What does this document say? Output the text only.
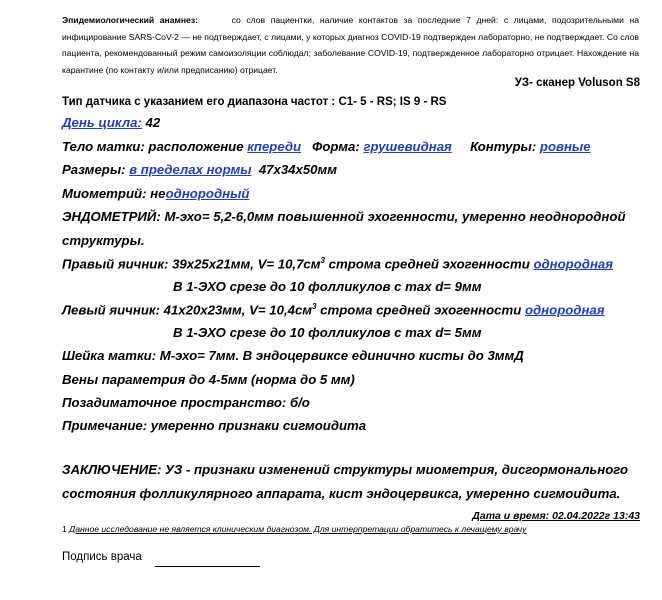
Эпидемиологический анамнез:	со слов пациентки, наличие контактов за последние 7 дней: с лицами, подозрительными на инфицирование SARS-CoV-2 — не подтверждает, с лицами, у которых диагноз COVID-19 подтвержден лабораторно, не подтверждает. Со слов пациента, рекомендованный режим самоизоляции соблюдал; заболевание COVID-19, подтвержденное лабораторно отрицает. Нахождение на карантине (по контакту и/или предписанию) отрицает.
УЗ- сканер Voluson S8
Тип датчика с указанием его диапазона частот : C1- 5 - RS; IS 9 - RS
День цикла: 42
Тело матки: расположение кпереди   Форма: грушевидная     Контуры: ровные
Размеры: в пределах нормы  47х34х50мм
Миометрий: неоднородный
ЭНДОМЕТРИЙ: М-эхо= 5,2-6,0мм повышенной эхогенности, умеренно неоднородной
структуры.
Правый яичник: 39х25х21мм, $V= 10,7см^3$ строма средней эхогенности однородная
В 1-ЭХО срезе до 10 фолликулов с max d= 9мм
Левый яичник: 41х20х23мм, $V= 10,4см^3$ строма средней эхогенности однородная
В 1-ЭХО срезе до 10 фолликулов с max d= 5мм
Шейка матки: М-эхо= 7мм. В эндоцервиксе единично кисты до 3ммД
Вены параметрия до 4-5мм (норма до 5 мм)
Позадиматочное пространство: б/о
Примечание: умеренно признаки сигмоидита
ЗАКЛЮЧЕНИЕ: УЗ - признаки изменений структуры миометрия, дисгормонального состояния фолликулярного аппарата, кист эндоцервикса, умеренно сигмоидита.
Дата и время: 02.04.2022г 13:43
1 Данное исследование не является клиническим диагнозом. Для интерпретации обратитесь к лечащему врачу
Подпись врача
